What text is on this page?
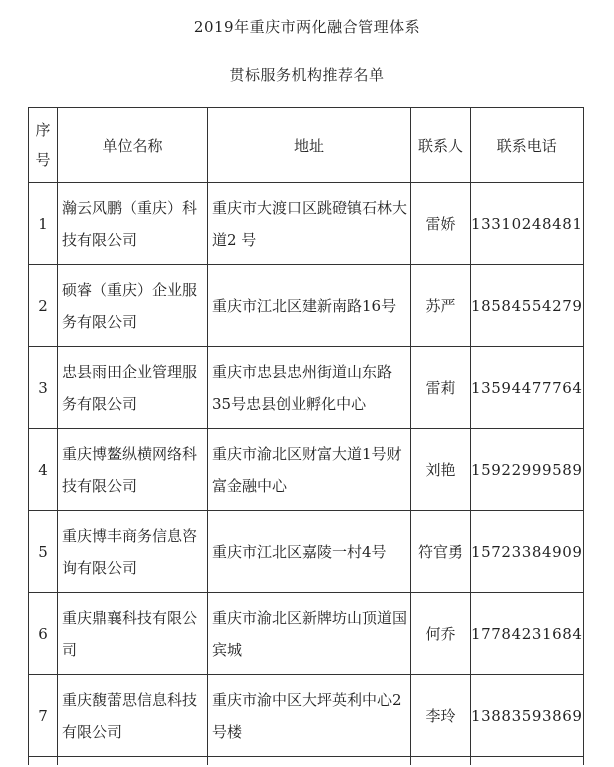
2019年重庆市两化融合管理体系
贯标服务机构推荐名单
序
号	单位名称	地址	联系人	联系电话
1	瀚云风鹏（重庆）科技有限公司	重庆市大渡口区跳磴镇石林大道2 号	雷娇	13310248481
2	硕睿（重庆）企业服务有限公司	重庆市江北区建新南路16号	苏严	18584554279
3	忠县雨田企业管理服务有限公司	重庆市忠县忠州街道山东路35号忠县创业孵化中心	雷莉	13594477764
4	重庆博鳌纵横网络科技有限公司	重庆市渝北区财富大道1号财富金融中心	刘艳	15922999589
5	重庆博丰商务信息咨询有限公司	重庆市江北区嘉陵一村4号	符官勇	15723384909
6	重庆鼎襄科技有限公司	重庆市渝北区新牌坊山顶道国宾城	何乔	17784231684
7	重庆馥蕾思信息科技有限公司	重庆市渝中区大坪英利中心2号楼	李玲	13883593869
